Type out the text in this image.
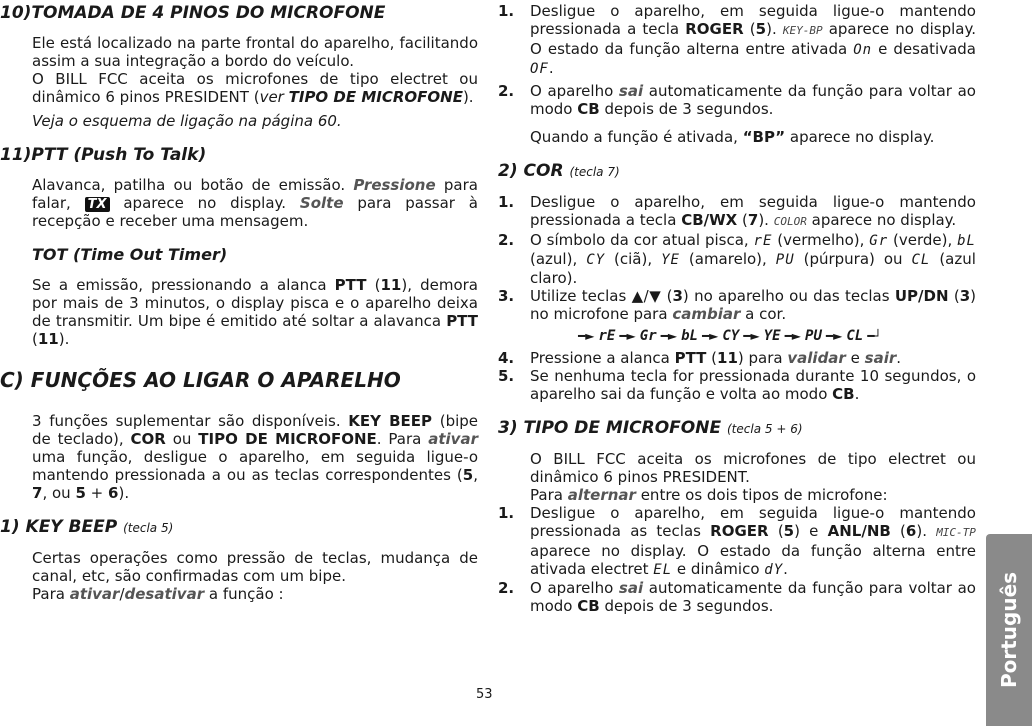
10)TOMADA DE 4 PINOS DO MICROFONE

Ele está localizado na parte frontal do aparelho, facilitando assim a sua integração a bordo do veículo.

O BILL FCC aceita os microfones de tipo electret ou dinâmico 6 pinos PRESIDENT (ver TIPO DE MICROFONE).

Veja o esquema de ligação na página 60.

11)PTT (Push To Talk)

Alavanca, patilha ou botão de emissão. Pressione para falar, TX aparece no display. Solte para passar à recepção e receber uma mensagem.

TOT (Time Out Timer)

Se a emissão, pressionando a alanca PTT (11), demora por mais de 3 minutos, o display pisca e o aparelho deixa de transmitir. Um bipe é emitido até soltar a alavanca PTT (11).

C) FUNÇÕES AO LIGAR O APARELHO

3 funções suplementar são disponíveis. KEY BEEP (bipe de teclado), COR ou TIPO DE MICROFONE. Para ativar uma função, desligue o aparelho, em seguida ligue-o mantendo pressionada a ou as teclas correspondentes (5, 7, ou 5 + 6).

1) KEY BEEP (tecla 5)

Certas operações como pressão de teclas, mudança de canal, etc, são confirmadas com um bipe.

Para ativar/desativar a função :

1.	Desligue o aparelho, em seguida ligue-o mantendo pressionada a tecla ROGER (5). KEY-BP aparece no display. O estado da função alterna entre ativada On e desativada OF.
2.	O aparelho sai automaticamente da função para voltar ao modo CB depois de 3 segundos.

Quando a função é ativada, “BP” aparece no display.

2) COR (tecla 7)

1.	Desligue o aparelho, em seguida ligue-o mantendo pressionada a tecla CB/WX (7). COLOR aparece no display.
2.	O símbolo da cor atual pisca, rE (vermelho), Gr (verde), bL (azul), CY (ciã), YE (amarelo), PU (púrpura) ou CL (azul claro).
3.	Utilize teclas ▲/▼ (3) no aparelho ou das teclas UP/DN (3) no microfone para cambiar a cor.
━► rE ━► Gr ━► bL ━► CY ━► YE ━► PU ━► CL ━┘
4.	Pressione a alanca PTT (11) para validar e sair.
5.	Se nenhuma tecla for pressionada durante 10 segundos, o aparelho sai da função e volta ao modo CB.

3) TIPO DE MICROFONE (tecla 5 + 6)

O BILL FCC aceita os microfones de tipo electret ou dinâmico 6 pinos PRESIDENT.

Para alternar entre os dois tipos de microfone:

1.	Desligue o aparelho, em seguida ligue-o mantendo pressionada as teclas ROGER (5) e ANL/NB (6). MIC-TP aparece no display. O estado da função alterna entre ativada electret EL e dinâmico dY.
2.	O aparelho sai automaticamente da função para voltar ao modo CB depois de 3 segundos.
53
Português
